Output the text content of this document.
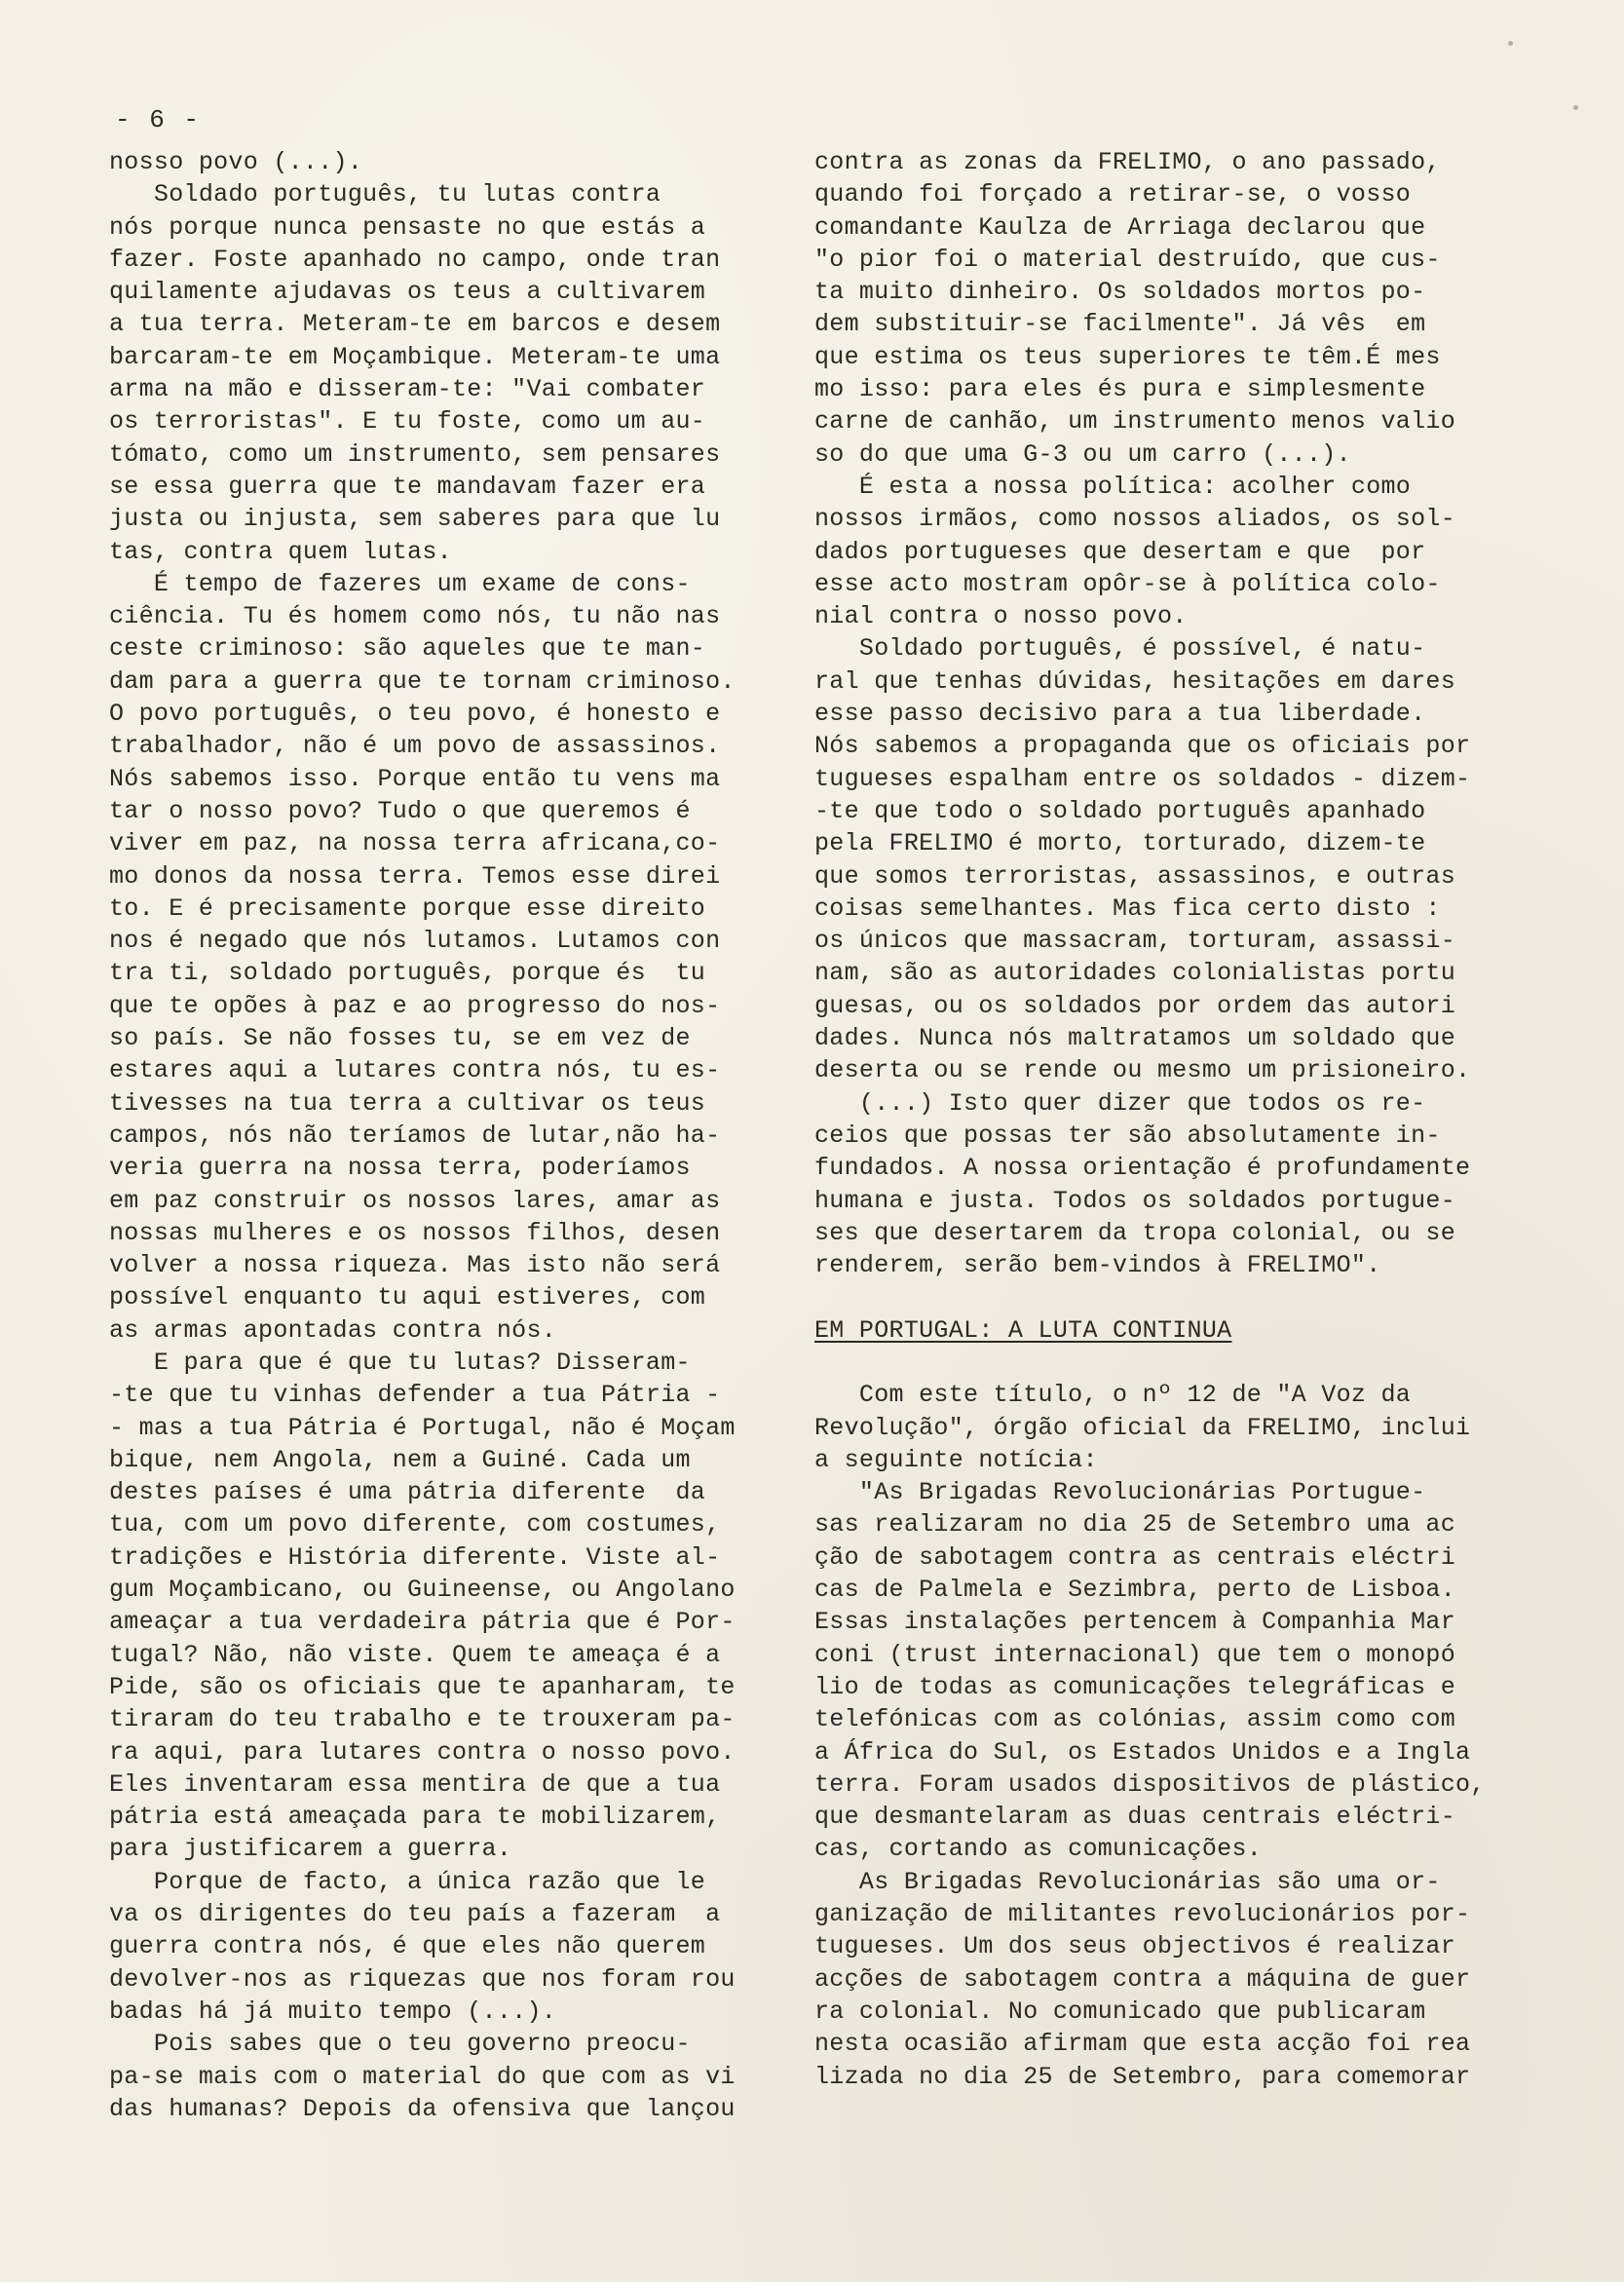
- 6 -
nosso povo (...).
Soldado português, tu lutas contra
nós porque nunca pensaste no que estás a
fazer. Foste apanhado no campo, onde tran
quilamente ajudavas os teus a cultivarem
a tua terra. Meteram-te em barcos e desem
barcaram-te em Moçambique. Meteram-te uma
arma na mão e disseram-te: "Vai combater
os terroristas". E tu foste, como um au-
tómato, como um instrumento, sem pensares
se essa guerra que te mandavam fazer era
justa ou injusta, sem saberes para que lu
tas, contra quem lutas.
É tempo de fazeres um exame de cons-
ciência. Tu és homem como nós, tu não nas
ceste criminoso: são aqueles que te man-
dam para a guerra que te tornam criminoso.
O povo português, o teu povo, é honesto e
trabalhador, não é um povo de assassinos.
Nós sabemos isso. Porque então tu vens ma
tar o nosso povo? Tudo o que queremos é
viver em paz, na nossa terra africana,co-
mo donos da nossa terra. Temos esse direi
to. E é precisamente porque esse direito
nos é negado que nós lutamos. Lutamos con
tra ti, soldado português, porque és  tu
que te opões à paz e ao progresso do nos-
so país. Se não fosses tu, se em vez de
estares aqui a lutares contra nós, tu es-
tivesses na tua terra a cultivar os teus
campos, nós não teríamos de lutar,não ha-
veria guerra na nossa terra, poderíamos
em paz construir os nossos lares, amar as
nossas mulheres e os nossos filhos, desen
volver a nossa riqueza. Mas isto não será
possível enquanto tu aqui estiveres, com
as armas apontadas contra nós.
E para que é que tu lutas? Disseram-
-te que tu vinhas defender a tua Pátria -
- mas a tua Pátria é Portugal, não é Moçam
bique, nem Angola, nem a Guiné. Cada um
destes países é uma pátria diferente  da
tua, com um povo diferente, com costumes,
tradições e História diferente. Viste al-
gum Moçambicano, ou Guineense, ou Angolano
ameaçar a tua verdadeira pátria que é Por-
tugal? Não, não viste. Quem te ameaça é a
Pide, são os oficiais que te apanharam, te
tiraram do teu trabalho e te trouxeram pa-
ra aqui, para lutares contra o nosso povo.
Eles inventaram essa mentira de que a tua
pátria está ameaçada para te mobilizarem,
para justificarem a guerra.
Porque de facto, a única razão que le
va os dirigentes do teu país a fazeram  a
guerra contra nós, é que eles não querem
devolver-nos as riquezas que nos foram rou
badas há já muito tempo (...).
Pois sabes que o teu governo preocu-
pa-se mais com o material do que com as vi
das humanas? Depois da ofensiva que lançou
contra as zonas da FRELIMO, o ano passado,
quando foi forçado a retirar-se, o vosso
comandante Kaulza de Arriaga declarou que
"o pior foi o material destruído, que cus-
ta muito dinheiro. Os soldados mortos po-
dem substituir-se facilmente". Já vês  em
que estima os teus superiores te têm.É mes
mo isso: para eles és pura e simplesmente
carne de canhão, um instrumento menos valio
so do que uma G-3 ou um carro (...).
É esta a nossa política: acolher como
nossos irmãos, como nossos aliados, os sol-
dados portugueses que desertam e que  por
esse acto mostram opôr-se à política colo-
nial contra o nosso povo.
Soldado português, é possível, é natu-
ral que tenhas dúvidas, hesitações em dares
esse passo decisivo para a tua liberdade.
Nós sabemos a propaganda que os oficiais por
tugueses espalham entre os soldados - dizem-
-te que todo o soldado português apanhado
pela FRELIMO é morto, torturado, dizem-te
que somos terroristas, assassinos, e outras
coisas semelhantes. Mas fica certo disto :
os únicos que massacram, torturam, assassi-
nam, são as autoridades colonialistas portu
guesas, ou os soldados por ordem das autori
dades. Nunca nós maltratamos um soldado que
deserta ou se rende ou mesmo um prisioneiro.
(...) Isto quer dizer que todos os re-
ceios que possas ter são absolutamente in-
fundados. A nossa orientação é profundamente
humana e justa. Todos os soldados portugue-
ses que desertarem da tropa colonial, ou se
renderem, serão bem-vindos à FRELIMO".
EM PORTUGAL: A LUTA CONTINUA
Com este título, o nº 12 de "A Voz da
Revolução", órgão oficial da FRELIMO, inclui
a seguinte notícia:
"As Brigadas Revolucionárias Portugue-
sas realizaram no dia 25 de Setembro uma ac
ção de sabotagem contra as centrais eléctri
cas de Palmela e Sezimbra, perto de Lisboa.
Essas instalações pertencem à Companhia Mar
coni (trust internacional) que tem o monopó
lio de todas as comunicações telegráficas e
telefónicas com as colónias, assim como com
a África do Sul, os Estados Unidos e a Ingla
terra. Foram usados dispositivos de plástico,
que desmantelaram as duas centrais eléctri-
cas, cortando as comunicações.
As Brigadas Revolucionárias são uma or-
ganização de militantes revolucionários por-
tugueses. Um dos seus objectivos é realizar
acções de sabotagem contra a máquina de guer
ra colonial. No comunicado que publicaram
nesta ocasião afirmam que esta acção foi rea
lizada no dia 25 de Setembro, para comemorar
